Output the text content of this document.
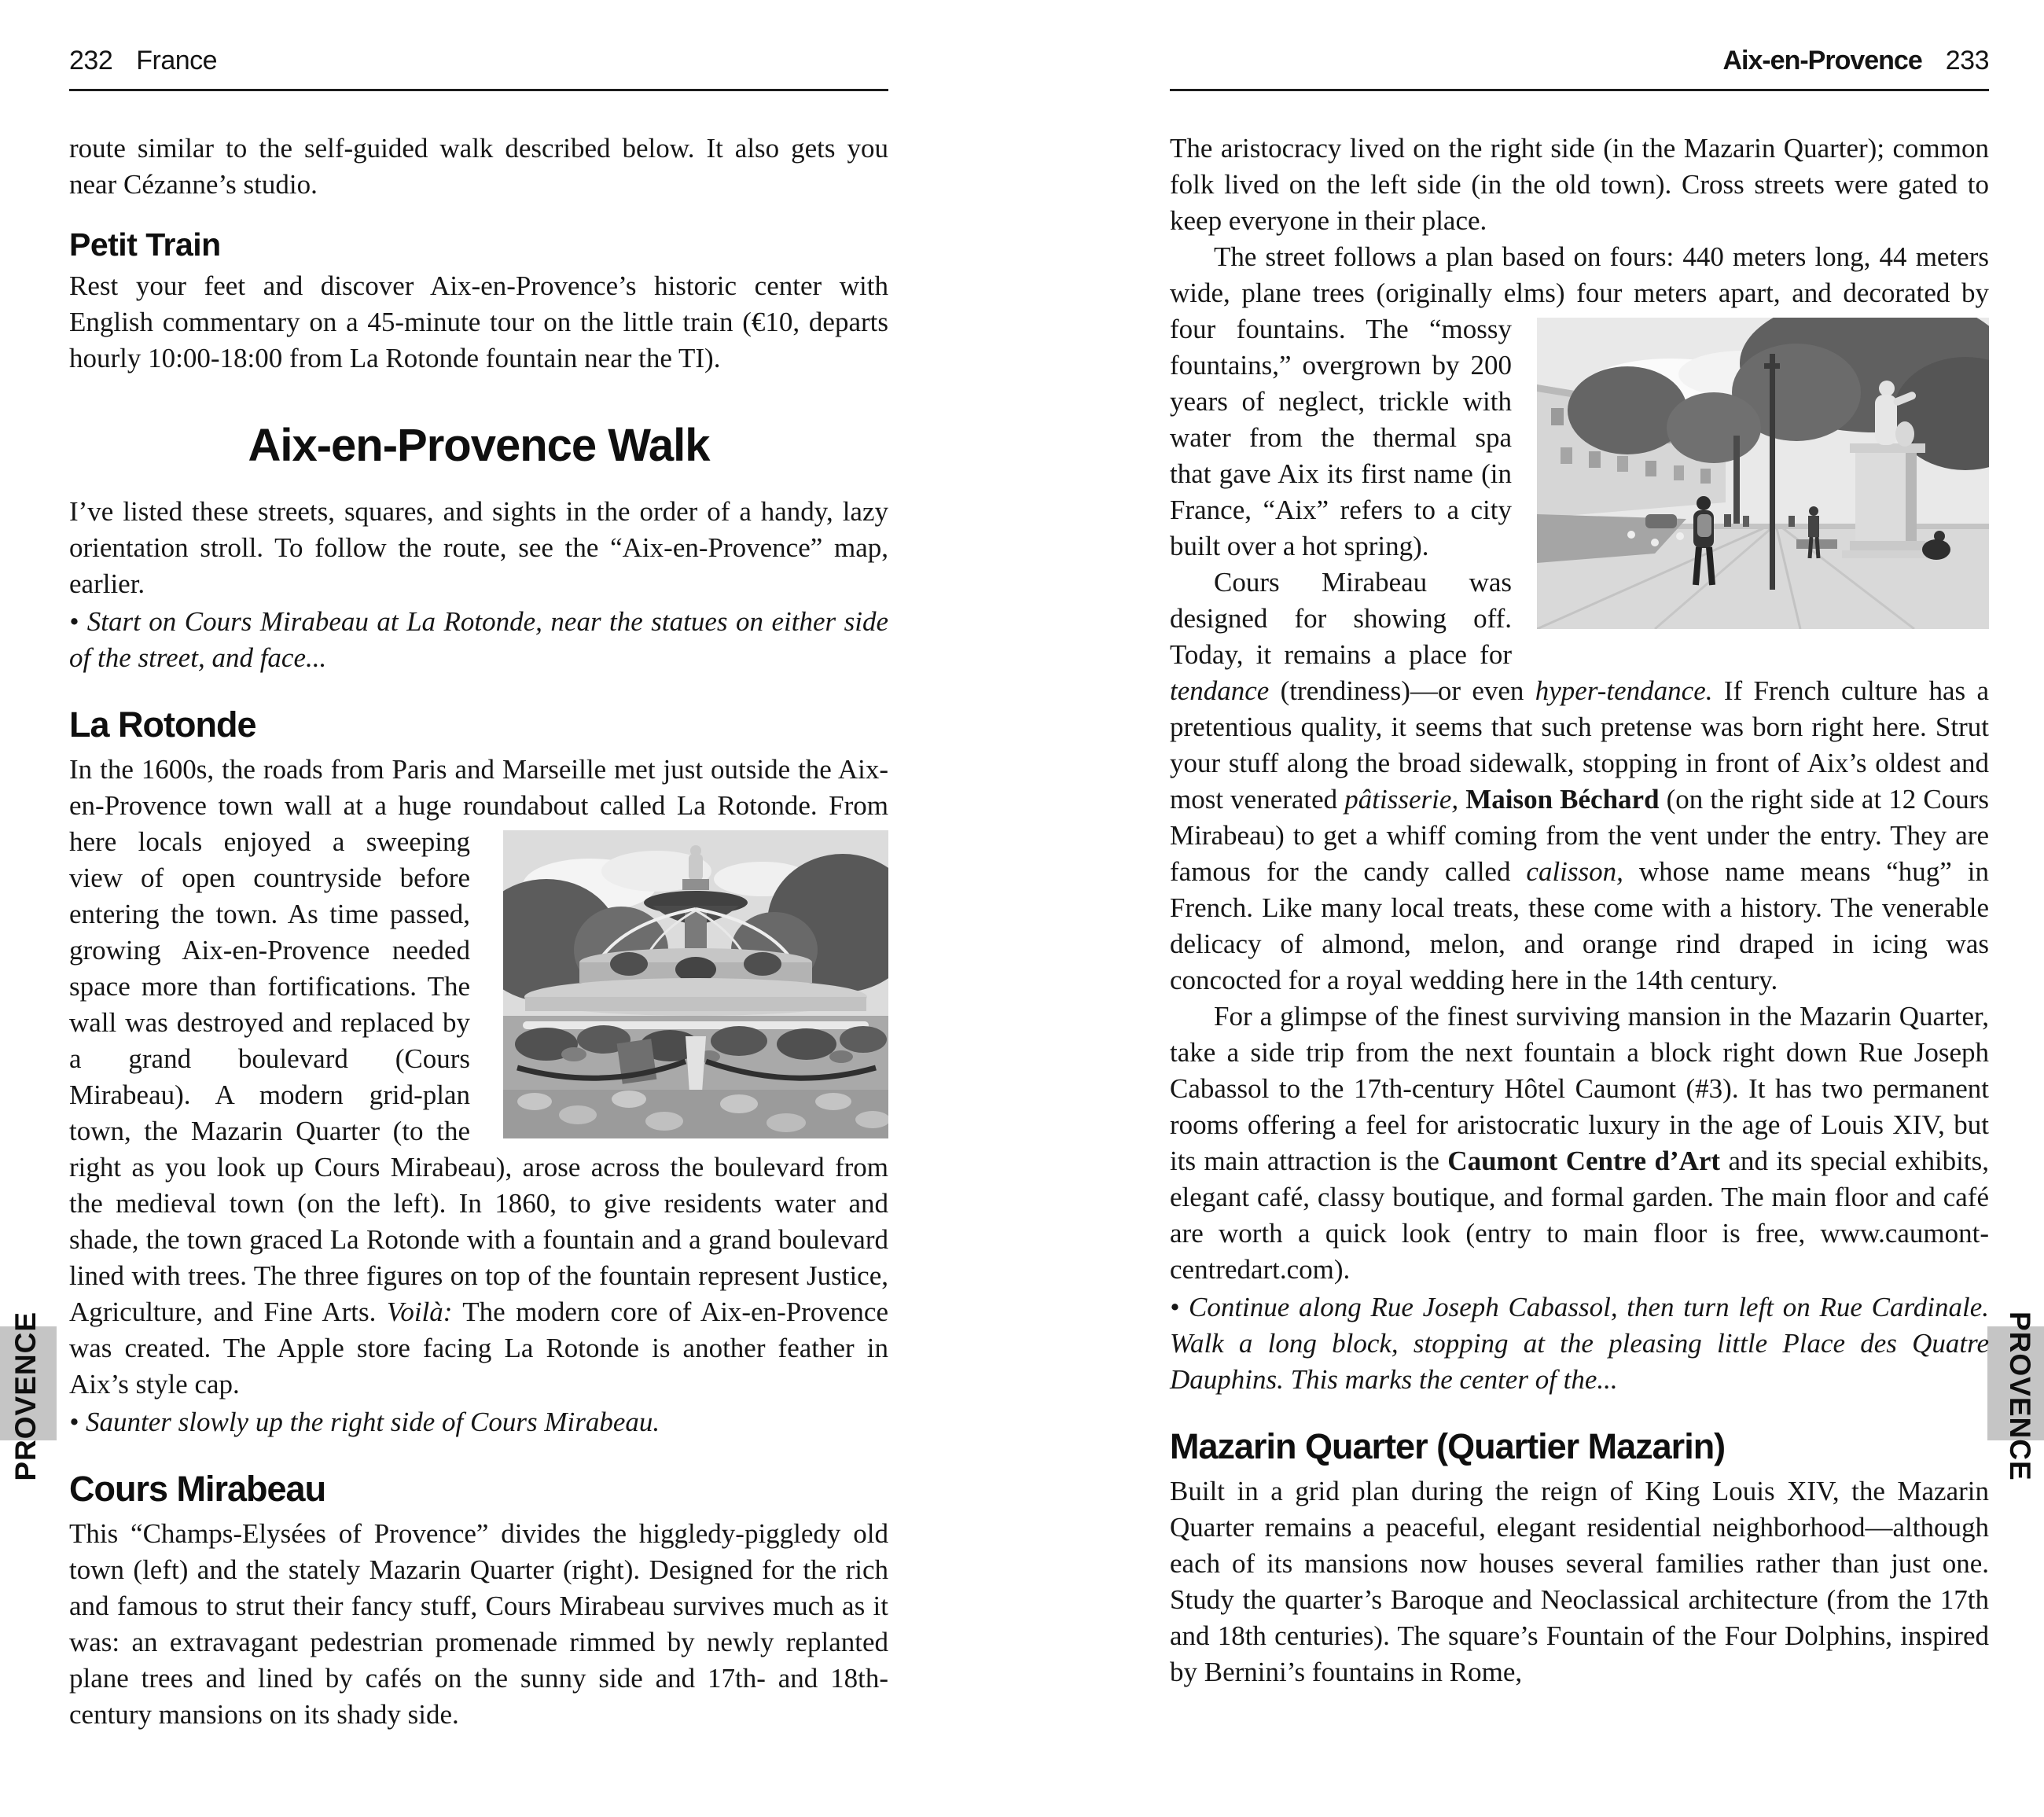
PROVENCE	PROVENCE
232 France

route similar to the self-guided walk described below. It also gets you near Cézanne’s studio.

Petit Train

Rest your feet and discover Aix-en-Provence’s historic center with English commentary on a 45-minute tour on the little train (€10, departs hourly 10:00-18:00 from La Rotonde fountain near the TI).

Aix-en-Provence Walk

I’ve listed these streets, squares, and sights in the order of a handy, lazy orientation stroll. To follow the route, see the “Aix-en-Provence” map, earlier.

• Start on Cours Mirabeau at La Rotonde, near the statues on either side of the street, and face...

La Rotonde

In the 1600s, the roads from Paris and Marseille met just outside the Aix-en-Provence town wall at a huge roundabout called La
Rotonde. From here locals enjoyed a sweeping view of open countryside before entering the town. As time passed, growing Aix-en-Provence needed space more than fortifications. The wall was destroyed and replaced by a grand boulevard (Cours Mirabeau). A modern grid-plan town, the Mazarin Quarter (to the right as you look up Cours Mirabeau), arose across the boulevard from the medieval town (on the left). In 1860, to give residents water and shade, the town graced La Rotonde with a fountain and a grand boulevard lined with trees. The three figures on top of the fountain represent Justice, Agriculture, and Fine Arts. Voilà: The modern core of Aix-en-Provence was created. The Apple store facing La Rotonde is another feather in Aix’s style cap.

• Saunter slowly up the right side of Cours Mirabeau.

Cours Mirabeau

This “Champs-Elysées of Provence” divides the higgledy-piggledy old town (left) and the stately Mazarin Quarter (right). Designed for the rich and famous to strut their fancy stuff, Cours Mirabeau survives much as it was: an extravagant pedestrian promenade rimmed by newly replanted plane trees and lined by cafés on the sunny side and 17th- and 18th-century mansions on its shady side.

Aix-en-Provence 233

The aristocracy lived on the right side (in the Mazarin Quarter); common folk lived on the left side (in the old town). Cross streets were gated to keep everyone in their place.

The street follows a plan based on fours: 440 meters long, 44 meters wide, plane trees (originally elms) four meters apart, and
decorated by four fountains. The “mossy fountains,” overgrown by 200 years of neglect, trickle with water from the thermal spa that gave Aix its first name (in France, “Aix” refers to a city built over a hot spring).

Cours Mirabeau was designed for showing off. Today, it remains a place for tendance (trendiness)—or even hyper-tendance. If French culture has a pretentious quality, it seems that such pretense was born right here. Strut your stuff along the broad sidewalk, stopping in front of Aix’s oldest and most venerated pâtisserie, Maison Béchard (on the right side at 12 Cours Mirabeau) to get a whiff coming from the vent under the entry. They are famous for the candy called calisson, whose name means “hug” in French. Like many local treats, these come with a history. The venerable delicacy of almond, melon, and orange rind draped in icing was concocted for a royal wedding here in the 14th century.

For a glimpse of the finest surviving mansion in the Mazarin Quarter, take a side trip from the next fountain a block right down Rue Joseph Cabassol to the 17th-century Hôtel Caumont (#3). It has two permanent rooms offering a feel for aristocratic luxury in the age of Louis XIV, but its main attraction is the Caumont Centre d’Art and its special exhibits, elegant café, classy boutique, and formal garden. The main floor and café are worth a quick look (entry to main floor is free, www.caumont-centredart.com).

• Continue along Rue Joseph Cabassol, then turn left on Rue Cardinale. Walk a long block, stopping at the pleasing little Place des Quatre Dauphins. This marks the center of the...

Mazarin Quarter (Quartier Mazarin)

Built in a grid plan during the reign of King Louis XIV, the Mazarin Quarter remains a peaceful, elegant residential neighborhood—although each of its mansions now houses several families rather than just one. Study the quarter’s Baroque and Neoclassical architecture (from the 17th and 18th centuries). The square’s Fountain of the Four Dolphins, inspired by Bernini’s fountains in Rome,
